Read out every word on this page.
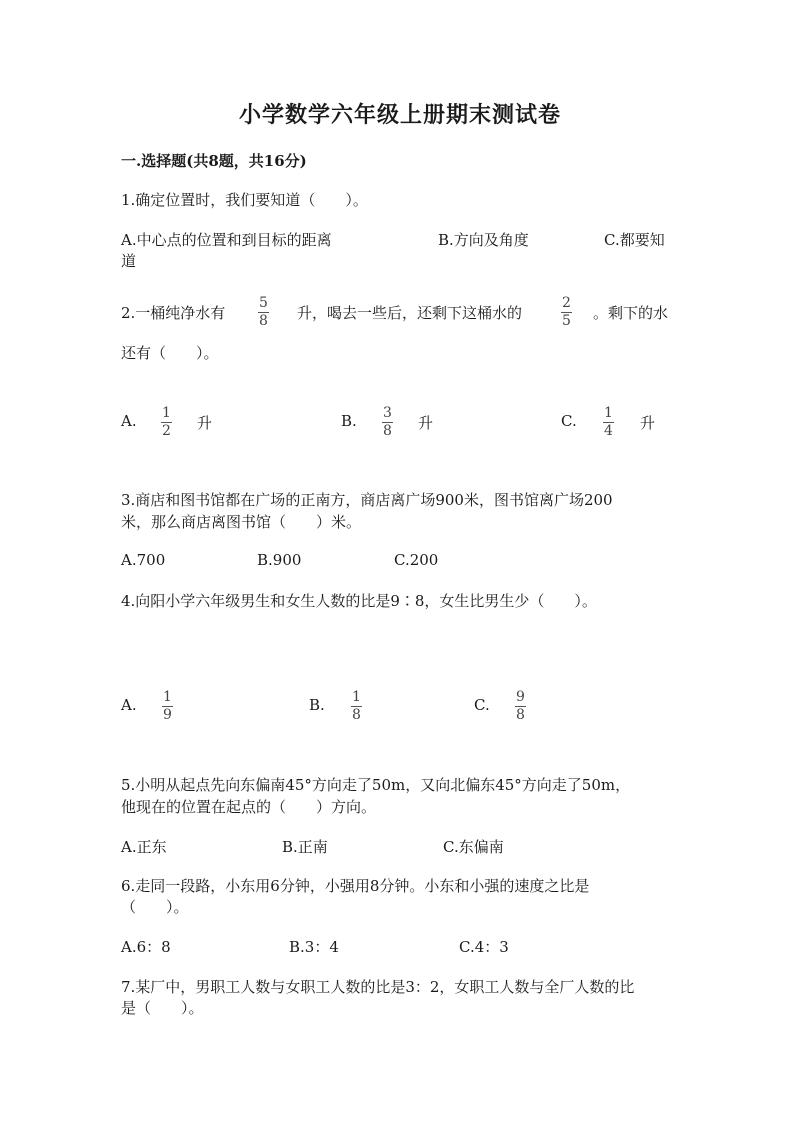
小学数学六年级上册期末测试卷
一.选择题(共8题，共16分)
1.确定位置时，我们要知道（　　）。
A.中心点的位置和到目标的距离	B.方向及角度	C.都要知
道
2.一桶纯净水有
5
8 升，喝去一些后，还剩下这桶水的
2
5 。剩下的水
还有（　　）。
A. 1
2 升	B. 3
8 升	C. 1
4 升
3.商店和图书馆都在广场的正南方，商店离广场900米，图书馆离广场200
米，那么商店离图书馆（　　）米。
A.700	B.900	C.200
4.向阳小学六年级男生和女生人数的比是9∶8，女生比男生少（　　）。
A. 1
9
B. 1
8
C. 9
8
5.小明从起点先向东偏南45°方向走了50m，又向北偏东45°方向走了50m，
他现在的位置在起点的（　　）方向。
A.正东	B.正南	C.东偏南
6.走同一段路，小东用6分钟，小强用8分钟。小东和小强的速度之比是
（　　）。
A.6：8	B.3：4	C.4：3
7.某厂中，男职工人数与女职工人数的比是3：2，女职工人数与全厂人数的比
是（　　）。
